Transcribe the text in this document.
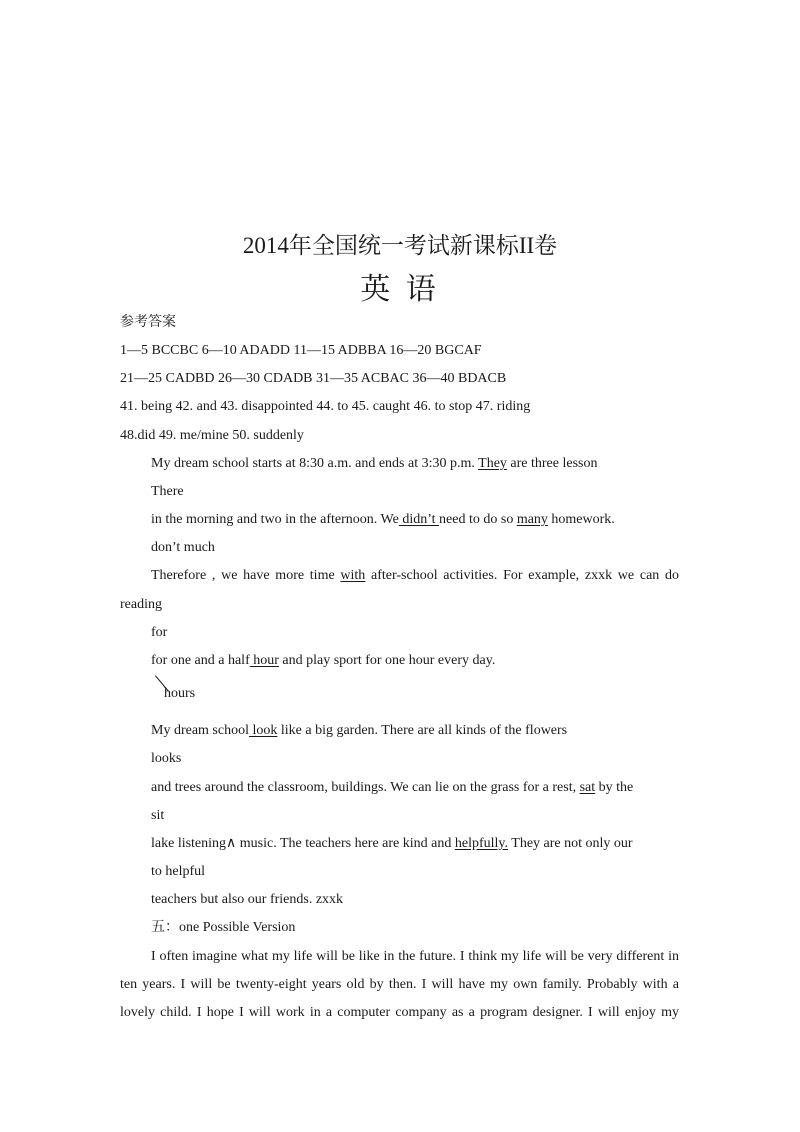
2014年全国统一考试新课标II卷
英 语
参考答案
1—5 BCCBC 6—10 ADADD 11—15 ADBBA 16—20 BGCAF
21—25 CADBD 26—30 CDADB 31—35 ACBAC 36—40 BDACB
41. being 42. and 43. disappointed 44. to 45. caught 46. to stop 47. riding
48.did 49. me/mine 50. suddenly
My dream school starts at 8:30 a.m. and ends at 3:30 p.m. They are three lesson
There
in the morning and two in the afternoon. We didn’t need to do so many homework.
don’t much
Therefore , we have more time with after-school activities. For example, zxxk we can do
reading
for
for one and a half hour and play sport for one hour every day.
hours
My dream school look like a big garden. There are all kinds of the flowers
looks
and trees around the classroom, buildings. We can lie on the grass for a rest, sat by the
sit
lake listening∧ music. The teachers here are kind and helpfully. They are not only our
to helpful
teachers but also our friends. zxxk
五：one Possible Version
I often imagine what my life will be like in the future. I think my life will be very different in
ten years. I will be twenty-eight years old by then. I will have my own family. Probably with a
lovely child. I hope I will work in a computer company as a program designer. I will enjoy my
